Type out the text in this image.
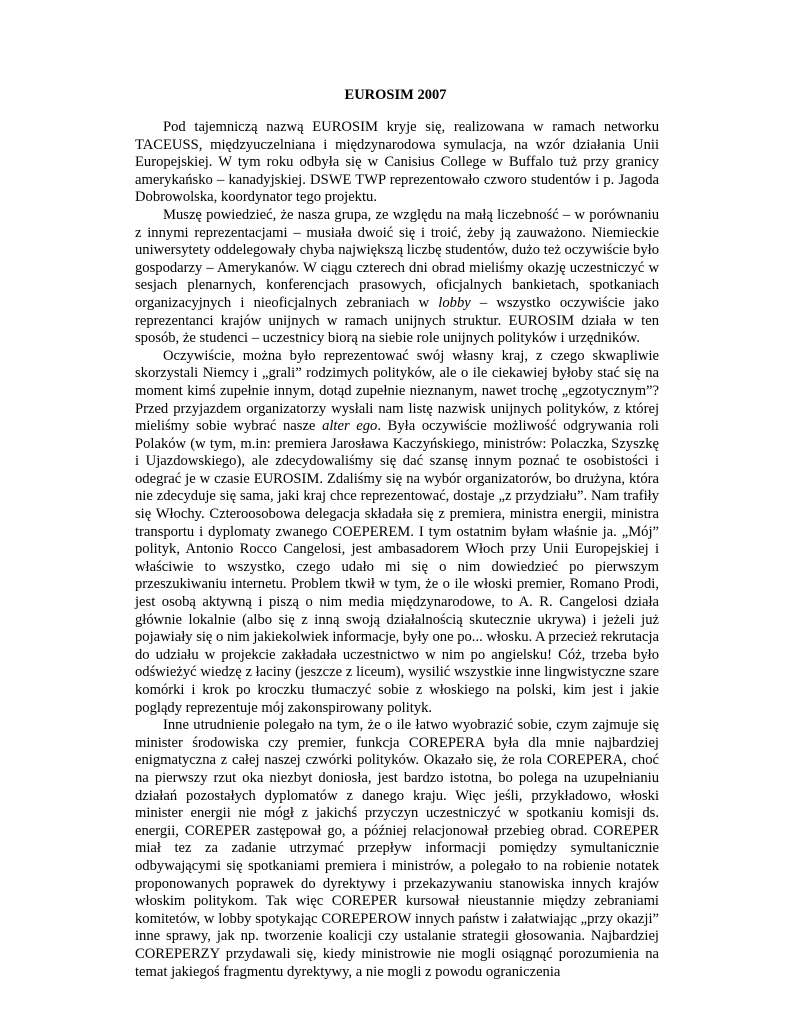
EUROSIM 2007

Pod tajemniczą nazwą EUROSIM kryje się, realizowana w ramach networku TACEUSS, międzyuczelniana i międzynarodowa symulacja, na wzór działania Unii Europejskiej. W tym roku odbyła się w Canisius College w Buffalo tuż przy granicy amerykańsko – kanadyjskiej. DSWE TWP reprezentowało czworo studentów i p. Jagoda Dobrowolska, koordynator tego projektu.

Muszę powiedzieć, że nasza grupa, ze względu na małą liczebność – w porównaniu z innymi reprezentacjami – musiała dwoić się i troić, żeby ją zauważono. Niemieckie uniwersytety oddelegowały chyba największą liczbę studentów, dużo też oczywiście było gospodarzy – Amerykanów. W ciągu czterech dni obrad mieliśmy okazję uczestniczyć w sesjach plenarnych, konferencjach prasowych, oficjalnych bankietach, spotkaniach organizacyjnych i nieoficjalnych zebraniach w lobby – wszystko oczywiście jako reprezentanci krajów unijnych w ramach unijnych struktur. EUROSIM działa w ten sposób, że studenci – uczestnicy biorą na siebie role unijnych polityków i urzędników.

Oczywiście, można było reprezentować swój własny kraj, z czego skwapliwie skorzystali Niemcy i „grali” rodzimych polityków, ale o ile ciekawiej byłoby stać się na moment kimś zupełnie innym, dotąd zupełnie nieznanym, nawet trochę „egzotycznym”? Przed przyjazdem organizatorzy wysłali nam listę nazwisk unijnych polityków, z której mieliśmy sobie wybrać nasze alter ego. Była oczywiście możliwość odgrywania roli Polaków (w tym, m.in: premiera Jarosława Kaczyńskiego, ministrów: Polaczka, Szyszkę i Ujazdowskiego), ale zdecydowaliśmy się dać szansę innym poznać te osobistości i odegrać je w czasie EUROSIM. Zdaliśmy się na wybór organizatorów, bo drużyna, która nie zdecyduje się sama, jaki kraj chce reprezentować, dostaje „z przydziału”. Nam trafiły się Włochy. Czteroosobowa delegacja składała się z premiera, ministra energii, ministra transportu i dyplomaty zwanego COEPEREM. I tym ostatnim byłam właśnie ja. „Mój” polityk, Antonio Rocco Cangelosi, jest ambasadorem Włoch przy Unii Europejskiej i właściwie to wszystko, czego udało mi się o nim dowiedzieć po pierwszym przeszukiwaniu internetu. Problem tkwił w tym, że o ile włoski premier, Romano Prodi, jest osobą aktywną i piszą o nim media międzynarodowe, to A. R. Cangelosi działa głównie lokalnie (albo się z inną swoją działalnością skutecznie ukrywa) i jeżeli już pojawiały się o nim jakiekolwiek informacje, były one po... włosku. A przecież rekrutacja do udziału w projekcie zakładała uczestnictwo w nim po angielsku! Cóż, trzeba było odświeżyć wiedzę z łaciny (jeszcze z liceum), wysilić wszystkie inne lingwistyczne szare komórki i krok po kroczku tłumaczyć sobie z włoskiego na polski, kim jest i jakie poglądy reprezentuje mój zakonspirowany polityk.

Inne utrudnienie polegało na tym, że o ile łatwo wyobrazić sobie, czym zajmuje się minister środowiska czy premier, funkcja COREPERA była dla mnie najbardziej enigmatyczna z całej naszej czwórki polityków. Okazało się, że rola COREPERA, choć na pierwszy rzut oka niezbyt doniosła, jest bardzo istotna, bo polega na uzupełnianiu działań pozostałych dyplomatów z danego kraju. Więc jeśli, przykładowo, włoski minister energii nie mógł z jakichś przyczyn uczestniczyć w spotkaniu komisji ds. energii, COREPER zastępował go, a później relacjonował przebieg obrad. COREPER miał tez za zadanie utrzymać przepływ informacji pomiędzy symultanicznie odbywającymi się spotkaniami premiera i ministrów, a polegało to na robienie notatek proponowanych poprawek do dyrektywy i przekazywaniu stanowiska innych krajów włoskim politykom. Tak więc COREPER kursował nieustannie między zebraniami komitetów, w lobby spotykając COREPEROW innych państw i załatwiając „przy okazji” inne sprawy, jak np. tworzenie koalicji czy ustalanie strategii głosowania. Najbardziej COREPERZY przydawali się, kiedy ministrowie nie mogli osiągnąć porozumienia na temat jakiegoś fragmentu dyrektywy, a nie mogli z powodu ograniczenia
